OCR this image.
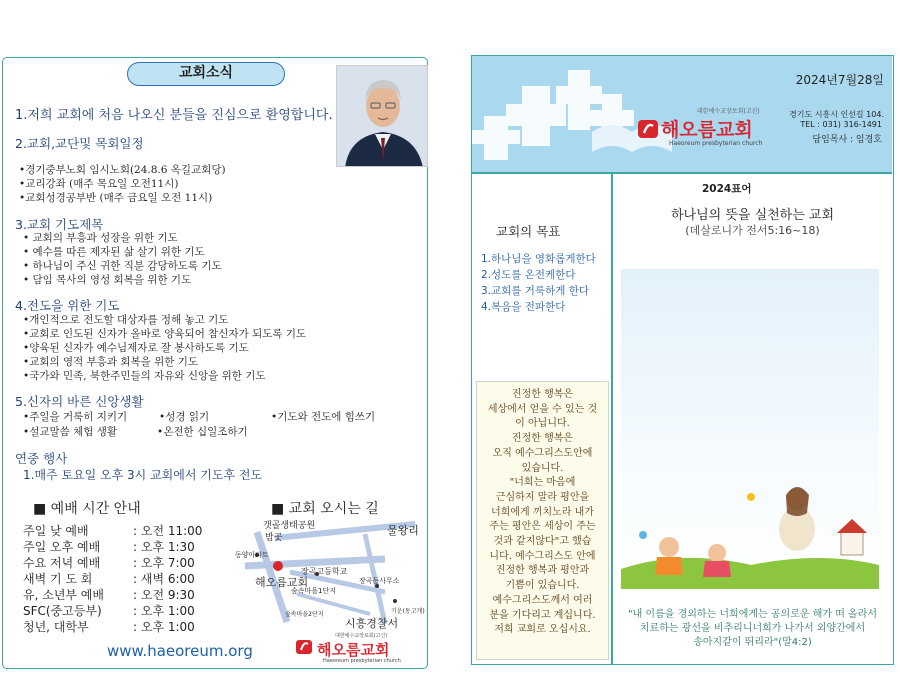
교회소식
1.저희 교회에 처음 나오신 분들을 진심으로 환영합니다.
2.교회,교단및 목회일정
•경기중부노회 임시노회(24.8.6 옥길교회당)
•교리강좌 (매주 목요일 오전11시)
•교회성경공부반 (매주 금요일 오전 11시)
3.교회 기도제목
• 교회의 부흥과 성장을 위한 기도
• 예수를 따른 제자된 삶 살기 위한 기도
• 하나님이 주신 귀한 직분 감당하도록 기도
• 담임 목사의 영성 회복을 위한 기도
4.전도을 위한 기도
•개인적으로 전도할 대상자를 정해 놓고 기도
•교회로 인도된 신자가 올바로 양육되어 참신자가 되도록 기도
•양육된 신자가 예수님제자로 잘 봉사하도록 기도
•교회의 영적 부흥과 회복을 위한 기도
•국가와 민족, 북한주민들의 자유와 신앙을 위한 기도
5.신자의 바른 신앙생활
•주일을 거룩히 지키기	•성경 읽기	•기도와 전도에 힘쓰기
•설교말씀 체험 생활	•온전한 십일조하기
연중 행사
1.매주 토요일 오후 3시 교회에서 기도후 전도
■ 예배 시간 안내
주일 낮 예배	: 오전 11:00
주일 오후 예배	: 오후 1:30
수요 저녁 예배	: 오후 7:00
새벽 기 도 회	: 새벽 6:00
유, 소년부 예배 : 오전 9:30
SFC(중고등부)	: 오후 1:00
청년, 대학부	: 오후 1:00
www.haeoreum.org
■ 교회 오시는 길
갯골생태공원
밤곳
물왕리
동양아파트
장곡고등학교
해오름교회
숲속마을1단지
장곡동사무소
숲속마을2단지	기운(동고개)
시흥경찰서
대한예수교장로회(고신)
해오름교회
Haeoreum presbyterian church
2024년7월28일
대한예수교장로회(고신)
해오름교회
Haeoreum presbyterian church
경기도 시흥시 인선길 104.
TEL : 031) 316-1491
담임목사 : 임경호
교회의 목표
1.하나님을 영화롭게한다
2.성도를 온전케한다
3.교회를 거룩하게 한다
4.복음을 전파한다
진정한 행복은
세상에서 얻을 수 있는 것
이 아닙니다.
진정한 행복은
오직 예수그리스도안에
있습니다.
"너희는 마음에
근심하지 말라 평안을
너희에게 끼치노라 내가
주는 평안은 세상이 주는
것과 같지않다"고 했습
니다. 예수그리스도 안에
진정한 행복과 평안과
기쁨이 있습니다.
예수그리스도께서 여러
분을 기다리고 계십니다.
저희 교회로 오십시요.
2024표어
하나님의 뜻을 실천하는 교회
(데살로니가 전서5:16~18)
"내 이름을 경외하는 너희에게는 공의로운 해가 떠 올라서
치료하는 광선을 비추리니너희가 나가서 외양간에서
송아지같이 뛰리라"(말4:2)
